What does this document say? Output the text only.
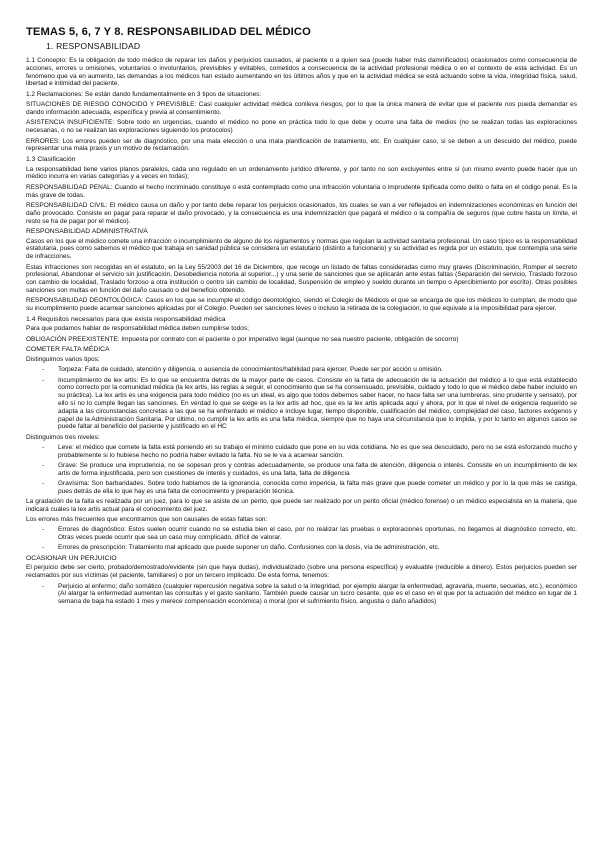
TEMAS 5, 6, 7 Y 8. RESPONSABILIDAD DEL MÉDICO
1. RESPONSABILIDAD

1.1 Concepto: Es la obligación de todo médico de reparar los daños y perjuicios causados, al paciente o a quien sea (puede haber más damnificados) ocasionados como consecuencia de acciones, errores u omisiones, voluntarios o involuntarios, previsibles y evitables, cometidos a consecuencia de la actividad profesional médica o en el contexto de esta actividad. Es un fenómeno que va en aumento, las demandas a los médicos han estado aumentando en los últimos años y que en la actividad médica se está actuando sobre la vida, integridad física, salud, libertad e intimidad del paciente.

1.2 Reclamaciones: Se están dando fundamentalmente en 3 tipos de situaciones:

SITUACIONES DE RIESGO CONOCIDO Y PREVISIBLE: Casi cualquier actividad médica conlleva riesgos, por lo que la única manera de evitar que el paciente nos pueda demandar es dando información adecuada, específica y previa al consentimiento.

ASISTENCIA INSUFICIENTE: Sobre todo en urgencias, cuando el médico no pone en práctica todo lo que debe y ocurre una falta de medios (no se realizan todas las exploraciones necesarias, o no se realizan las exploraciones siguiendo los protocolos)

ERRORES: Los errores pueden ser de diagnóstico, por una mala elección o una mala planificación de tratamiento, etc. En cualquier caso, si se deben a un descuido del médico, puede representar una mala praxis y un motivo de reclamación.

1.3 Clasificación

La responsabilidad tiene varios planos paralelos, cada uno regulado en un ordenamiento jurídico diferente, y por tanto no son excluyentes entre sí (un mismo evento puede hacer que un médico incurra en varias categorías y a veces en todas);

RESPONSABILIDAD PENAL: Cuando el hecho incriminado constituye o está contemplado como una infracción voluntaria o imprudente tipificada como delito o falta en el código penal. Es la más grave de todas.

RESPONSABILIDAD CIVIL: El médico causa un daño y por tanto debe reparar los perjuicios ocasionados, los cuales se van a ver reflejados en indemnizaciones económicas en función del daño provocado. Consiste en pagar para reparar el daño provocado, y la consecuencia es una indemnización que pagará el médico o la compañía de seguros (que cubre hasta un límite, el resto se ha de pagar por el médico).

RESPONSABILIDAD ADMINISTRATIVA

Casos en los que el médico comete una infracción o incumplimiento de alguno de los reglamentos y normas que regulan la actividad sanitaria profesional. Un caso típico es la responsabilidad estatutaria, pues como sabemos el médico que trabaja en sanidad pública se considera un estatutario (distinto a funcionario) y su actividad es regida por un estatuto, que contempla una serie de infracciones.

Estas infracciones son recogidas en el estatuto, en la Ley 55/2003 del 16 de Diciembre, que recoge un listado de faltas consideradas como muy graves (Discriminación, Romper el secreto profesional, Abandonar el servicio sin justificación, Desobediencia notoria al superior...) y una serie de sanciones que se aplicarán ante estas faltas (Separación del servicio, Traslado forzoso con cambio de localidad, Traslado forzoso a otra institución o centro sin cambio de localidad, Suspensión de empleo y sueldo durante un tiempo o Apercibimiento por escrito). Otras posibles sanciones son multas en función del daño causado o del beneficio obtenido.

RESPONSABILIDAD DEONTOLÓGICA: Casos en los que se incumple el código deontológico, siendo el Colegio de Médicos el que se encarga de que los médicos lo cumplan, de modo que su incumplimiento puede acarrear sanciones aplicadas por el Colegio. Pueden ser sanciones leves o incluso la retirada de la colegiación, lo que equivale a la imposibilidad para ejercer.

1.4 Requisitos necesarios para que exista responsabilidad médica

Para que podamos hablar de responsabilidad médica deben cumplirse todos;

OBLIGACIÓN PREEXISTENTE: Impuesta por contrato con el paciente o por imperativo legal (aunque no sea nuestro paciente, obligación de socorro)

COMETER FALTA MÉDICA

Distinguimos varios tipos;

- Torpeza: Falta de cuidado, atención y diligencia, o ausencia de conocimientos/habilidad para ejercer. Puede ser por acción u omisión.
- Incumplimiento de lex artis: Es lo que se encuentra detrás de la mayor parte de casos. Consiste en la falta de adecuación de la actuación del médico a lo que está establecido como correcto por la comunidad médica (la lex artis, las reglas a seguir, el conocimiento que se ha consensuado, previsible, cuidado y todo lo que el médico debe haber incluido en su práctica). La lex artis es una exigencia para todo médico (no es un ideal, es algo que todos debemos saber hacer, no hace falta ser una lumbreras, sino prudente y sensato), por ello sí no lo cumple llegan las sanciones. En verdad lo que se exige es la lex artis ad hoc, que es la lex artis aplicada aquí y ahora, por lo que el nivel de exigencia requerido se adapta a las circunstancias concretas a las que se ha enfrentado el médico e incluye lugar, tiempo disponible, cualificación del médico, complejidad del caso, factores exógenos y papel de la Administración Sanitaria. Por último, no cumplir la lex artis es una falta médica, siempre que no haya una circunstancia que lo impida, y por lo tanto en algunos casos se puede faltar al beneficio del paciente y justificado en el HC

Distinguimos tres niveles:

- Leve: el médico que comete la falta está poniendo en su trabajo el mínimo cuidado que pone en su vida cotidiana. No es que sea descuidado, pero no se está esforzando mucho y probablemente si lo hubiese hecho no podría haber evitado la falta. No se le va a acarrear sanción.
- Grave: Se produce una imprudencia, no se sopesan pros y contras adecuadamente, se produce una falta de atención, diligencia o interés. Consiste en un incumplimiento de lex artis de forma injustificada, pero son cuestiones de interés y cuidados, es una falta, falta de diligencia
- Gravísima: Son barbaridades. Sobre todo hablamos de la ignorancia, conocida como impericia, la falta más grave que puede cometer un médico y por lo la que más se castiga, pues detrás de ella lo que hay es una falta de conocimiento y preparación técnica.

La gradación de la falta es realizada por un juez, para lo que se asiste de un perito, que puede ser realizado por un perito oficial (médico forense) o un médico especialista en la materia, que indicará cuáles la lex artis actual para el conocimiento del juez.

Los errores más frecuentes que encontramos que son causales de estas faltas son:

- Errores de diagnóstico: Estos suelen ocurrir cuando no se estudia bien el caso, por no realizar las pruebas o exploraciones oportunas, no llegamos al diagnóstico correcto, etc. Otras veces puede ocurrir que sea un caso muy complicado, difícil de valorar.
- Errores de prescripción: Tratamiento mal aplicado que puede suponer un daño. Confusiones con la dosis, vía de administración, etc.
OCASIONAR UN PERJUICIO

El perjuicio debe ser cierto, probado/demostrado/evidente (sin que haya dudas), individualizado (sobre una persona específica) y evaluable (reducible a dinero). Estos perjuicios pueden ser reclamados por sus víctimas (el paciente, familiares) o por un tercero implicado. De esta forma, tenemos:

- Perjuicio al enfermo; daño somático (cualquier repercusión negativa sobre la salud o la integridad, por ejemplo alargar la enfermedad, agravarla, muerte, secuelas, etc.), económico (Al alargar la enfermedad aumentan las consultas y el gasto sanitario. También puede causar un lucro cesante, que es el caso en el que por la actuación del médico en lugar de 1 semana de baja ha estado 1 mes y merece compensación económica) o moral (por el sufrimiento físico, angustia o daño añadidos)
